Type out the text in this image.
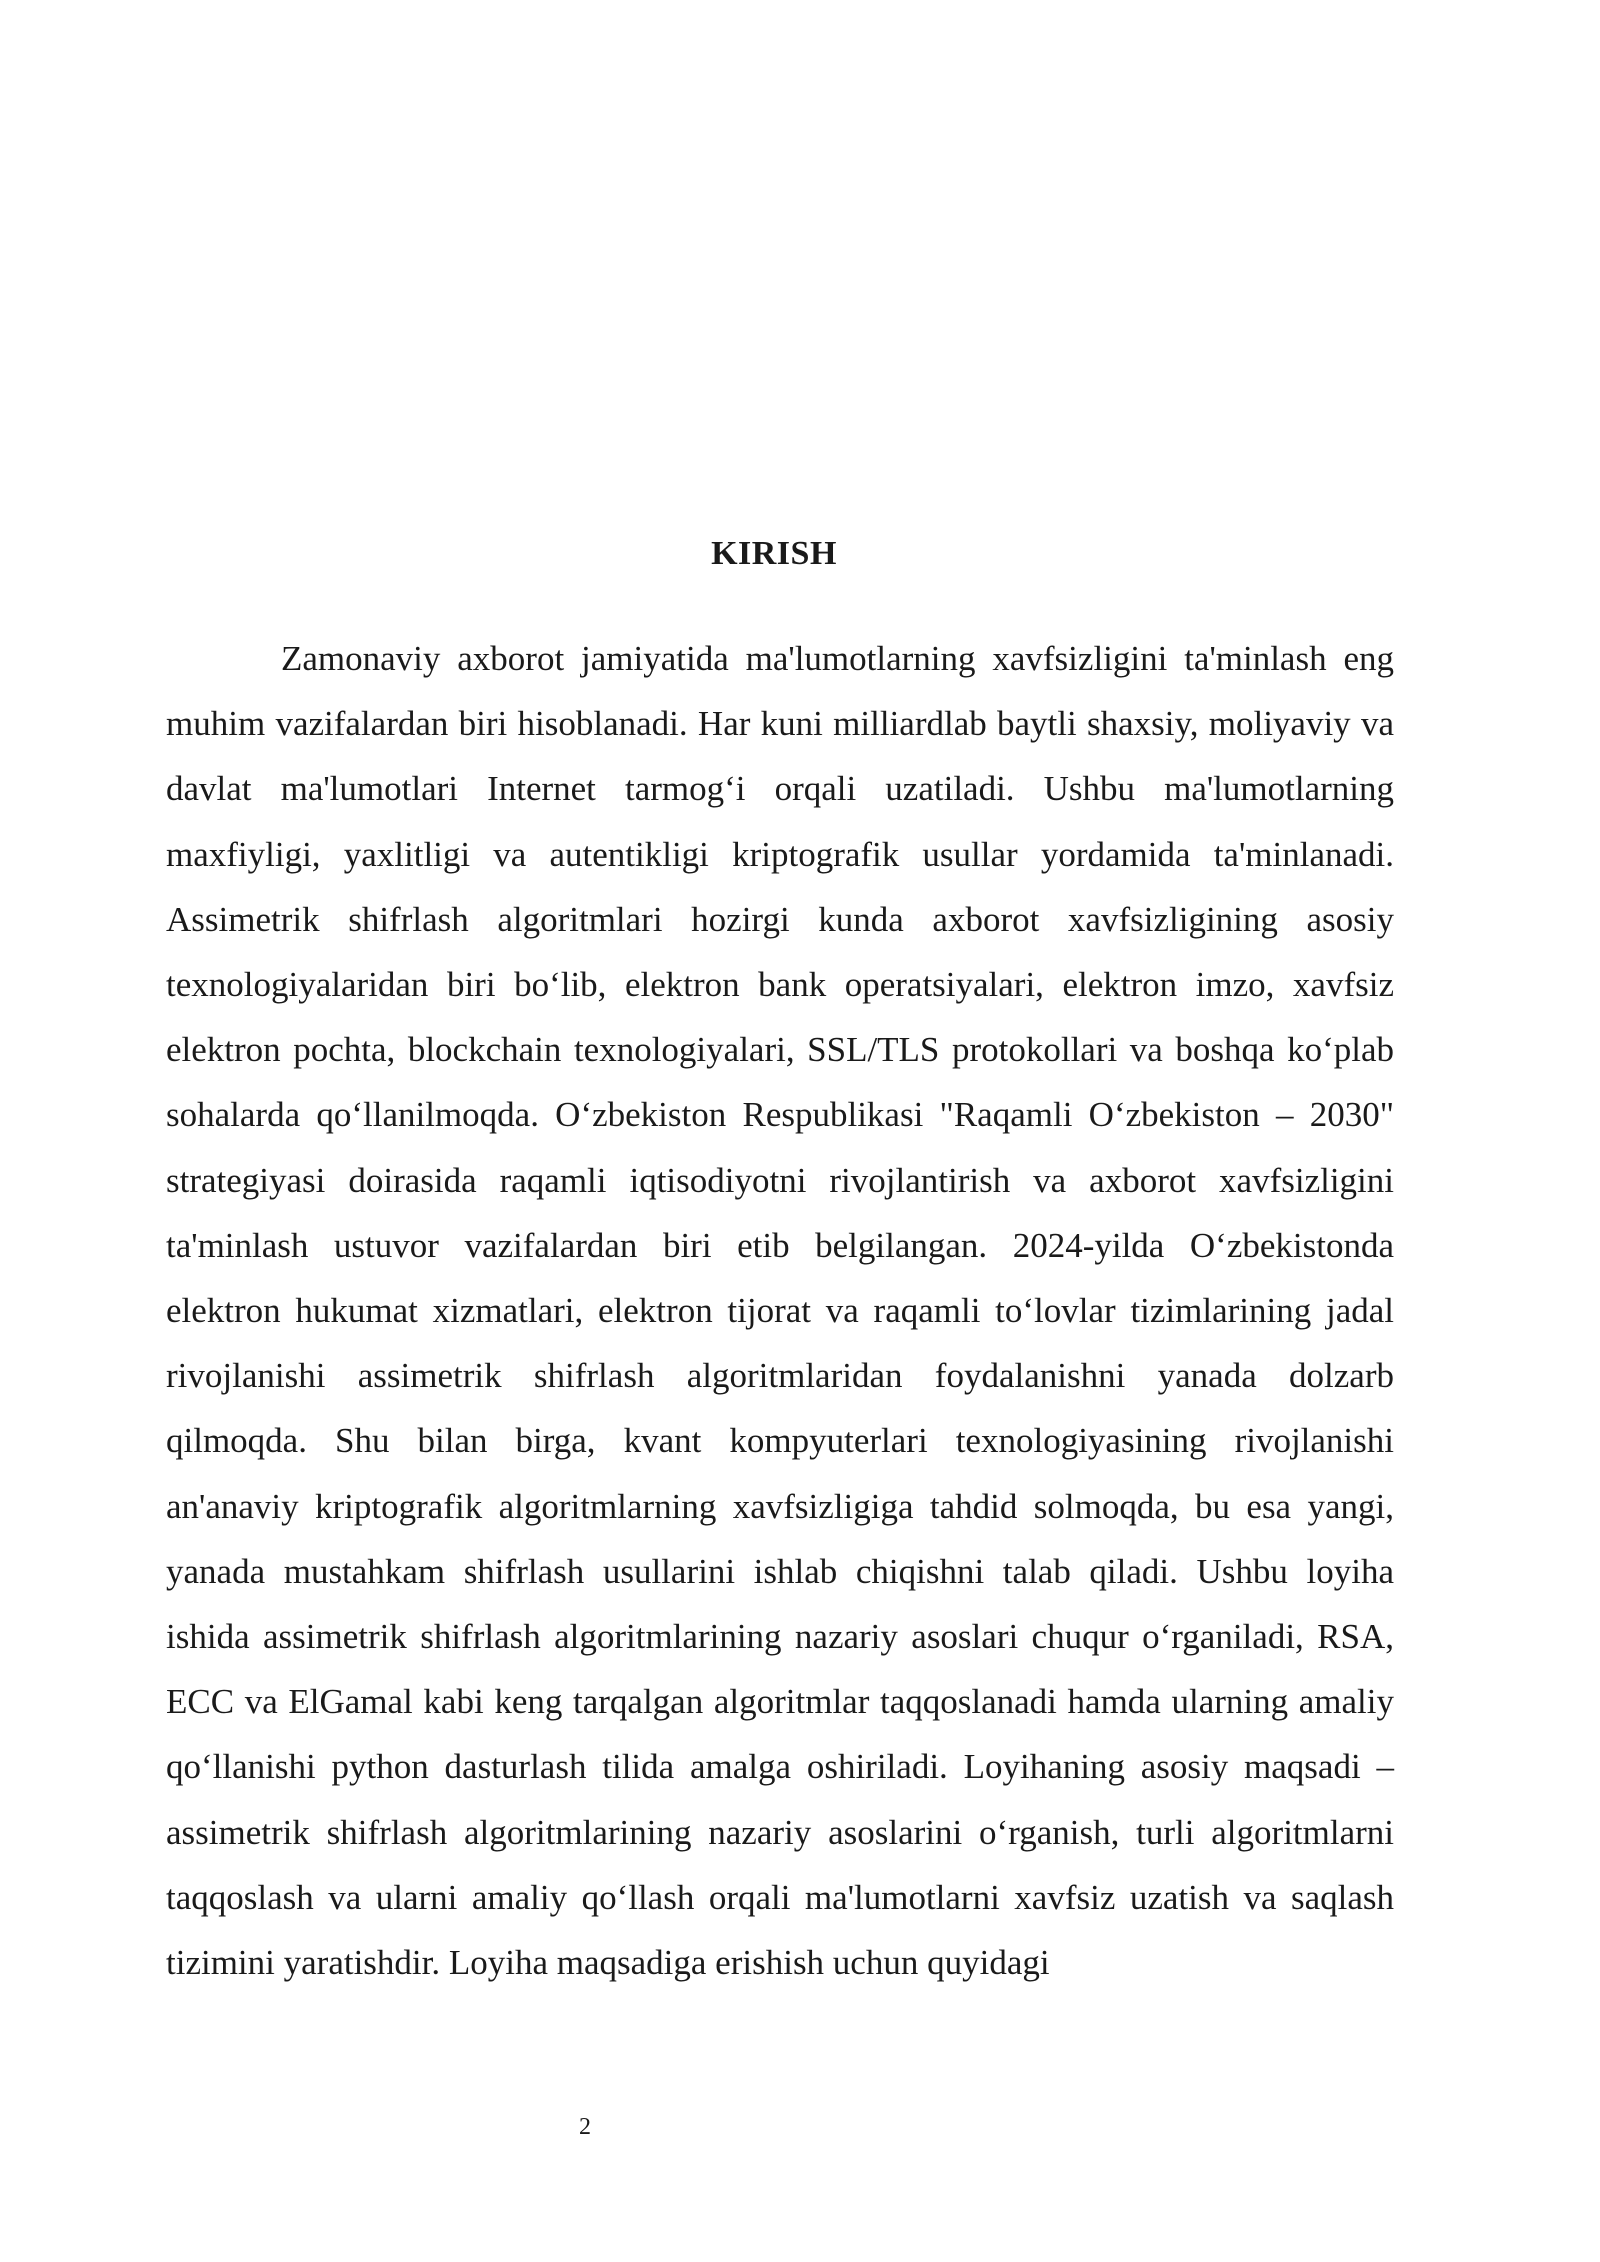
KIRISH

Zamonaviy axborot jamiyatida ma'lumotlarning xavfsizligini ta'minlash eng muhim vazifalardan biri hisoblanadi. Har kuni milliardlab baytli shaxsiy, moliyaviy va davlat ma'lumotlari Internet tarmog‘i orqali uzatiladi. Ushbu ma'lumotlarning maxfiyligi, yaxlitligi va autentikligi kriptografik usullar yordamida ta'minlanadi. Assimetrik shifrlash algoritmlari hozirgi kunda axborot xavfsizligining asosiy texnologiyalaridan biri bo‘lib, elektron bank operatsiyalari, elektron imzo, xavfsiz elektron pochta, blockchain texnologiyalari, SSL/TLS protokollari va boshqa ko‘plab sohalarda qo‘llanilmoqda. O‘zbekiston Respublikasi "Raqamli O‘zbekiston – 2030" strategiyasi doirasida raqamli iqtisodiyotni rivojlantirish va axborot xavfsizligini ta'minlash ustuvor vazifalardan biri etib belgilangan. 2024-yilda O‘zbekistonda elektron hukumat xizmatlari, elektron tijorat va raqamli to‘lovlar tizimlarining jadal rivojlanishi assimetrik shifrlash algoritmlaridan foydalanishni yanada dolzarb qilmoqda. Shu bilan birga, kvant kompyuterlari texnologiyasining rivojlanishi an'anaviy kriptografik algoritmlarning xavfsizligiga tahdid solmoqda, bu esa yangi, yanada mustahkam shifrlash usullarini ishlab chiqishni talab qiladi. Ushbu loyiha ishida assimetrik shifrlash algoritmlarining nazariy asoslari chuqur o‘rganiladi, RSA, ECC va ElGamal kabi keng tarqalgan algoritmlar taqqoslanadi hamda ularning amaliy qo‘llanishi python dasturlash tilida amalga oshiriladi. Loyihaning asosiy maqsadi – assimetrik shifrlash algoritmlarining nazariy asoslarini o‘rganish, turli algoritmlarni taqqoslash va ularni amaliy qo‘llash orqali ma'lumotlarni xavfsiz uzatish va saqlash tizimini yaratishdir. Loyiha maqsadiga erishish uchun quyidagi

2
